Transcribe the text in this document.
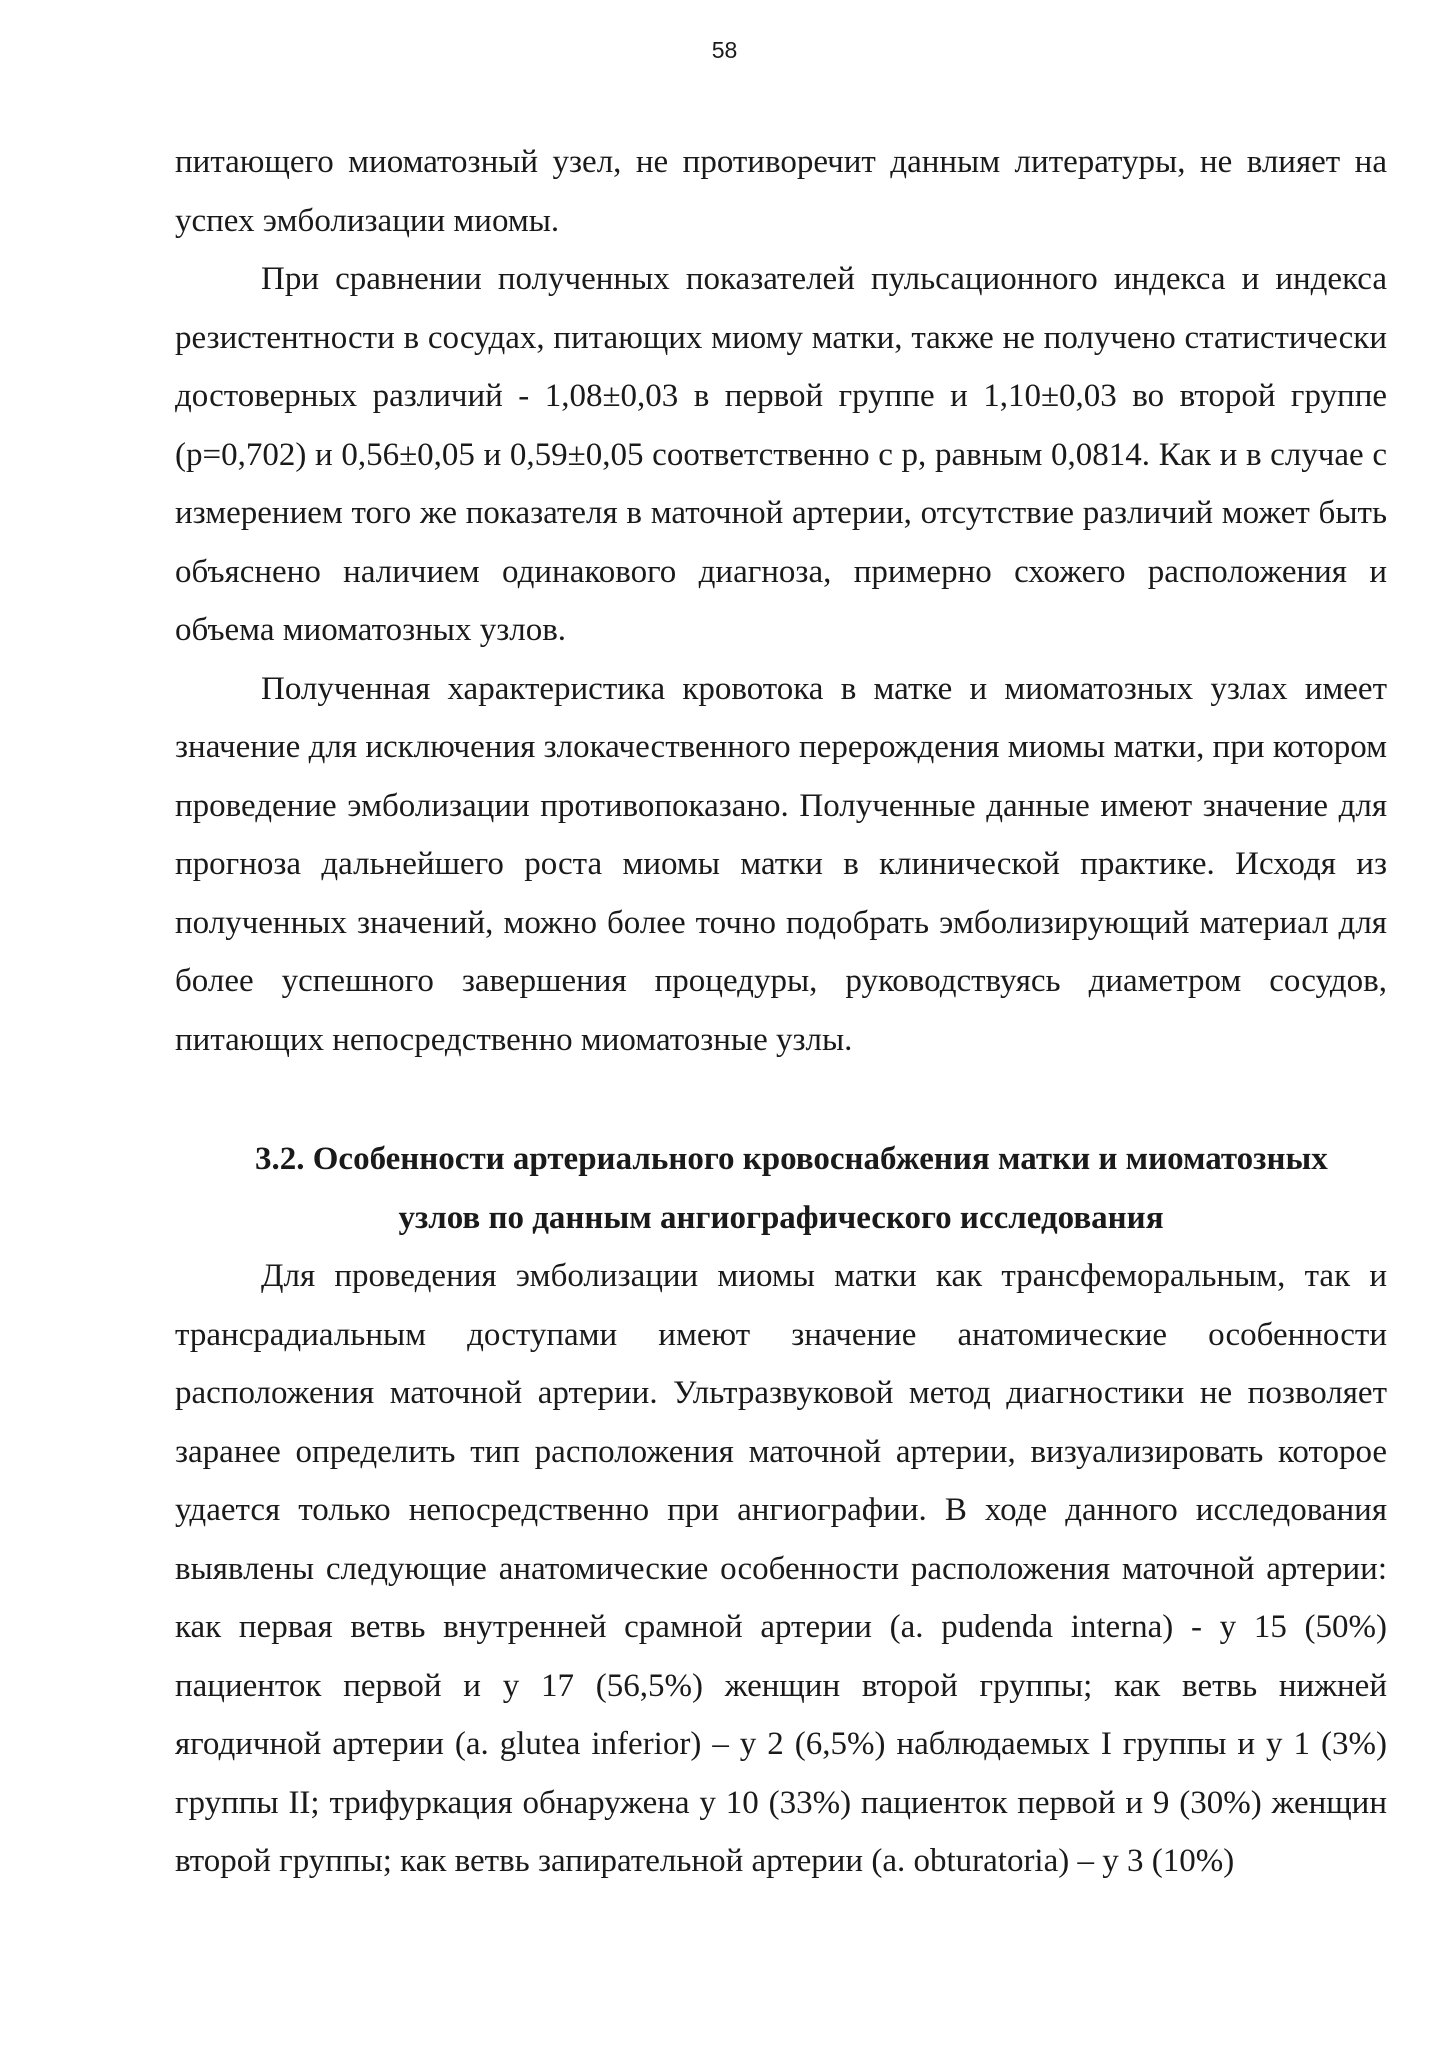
58

питающего миоматозный узел, не противоречит данным литературы, не влияет на успех эмболизации миомы.

При сравнении полученных показателей пульсационного индекса и индекса резистентности в сосудах, питающих миому матки, также не получено статистически достоверных различий - 1,08±0,03 в первой группе и 1,10±0,03 во второй группе (р=0,702) и 0,56±0,05 и 0,59±0,05 соответственно с р, равным 0,0814. Как и в случае с измерением того же показателя в маточной артерии, отсутствие различий может быть объяснено наличием одинакового диагноза, примерно схожего расположения и объема миоматозных узлов.

Полученная характеристика кровотока в матке и миоматозных узлах имеет значение для исключения злокачественного перерождения миомы матки, при котором проведение эмболизации противопоказано. Полученные данные имеют значение для прогноза дальнейшего роста миомы матки в клинической практике. Исходя из полученных значений, можно более точно подобрать эмболизирующий материал для более успешного завершения процедуры, руководствуясь диаметром сосудов, питающих непосредственно миоматозные узлы.

3.2. Особенности артериального кровоснабжения матки и миоматозных
узлов по данным ангиографического исследования

Для проведения эмболизации миомы матки как трансфеморальным, так и трансрадиальным доступами имеют значение анатомические особенности расположения маточной артерии. Ультразвуковой метод диагностики не позволяет заранее определить тип расположения маточной артерии, визуализировать которое удается только непосредственно при ангиографии. В ходе данного исследования выявлены следующие анатомические особенности расположения маточной артерии: как первая ветвь внутренней срамной артерии (a. pudenda interna) - у 15 (50%) пациенток первой и у 17 (56,5%) женщин второй группы; как ветвь нижней ягодичной артерии (a. glutea inferior) – у 2 (6,5%) наблюдаемых I группы и у 1 (3%) группы II; трифуркация обнаружена у 10 (33%) пациенток первой и 9 (30%) женщин второй группы; как ветвь запирательной артерии (a. obturatoria) – у 3 (10%)
